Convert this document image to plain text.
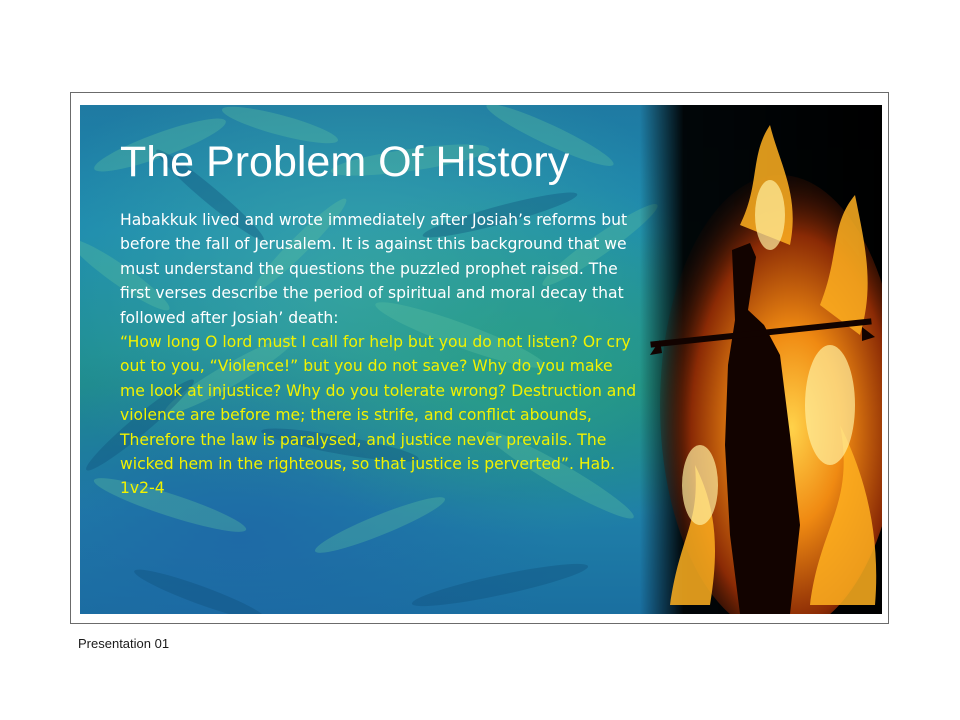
The Problem Of History
Habakkuk lived and wrote immediately after Josiah’s reforms but before the fall of Jerusalem. It is against this background that we must understand the questions the puzzled prophet raised. The first verses describe the period of spiritual and moral decay that followed after Josiah’ death:
“How long O lord must I call for help but you do not listen? Or cry out to you, “Violence!” but you do not save? Why do you make me look at injustice? Why do you tolerate wrong? Destruction and violence are before me; there is strife, and conflict abounds, Therefore the law is paralysed, and justice never prevails. The wicked hem in the righteous, so that justice is perverted”. Hab. 1v2-4
Presentation 01
